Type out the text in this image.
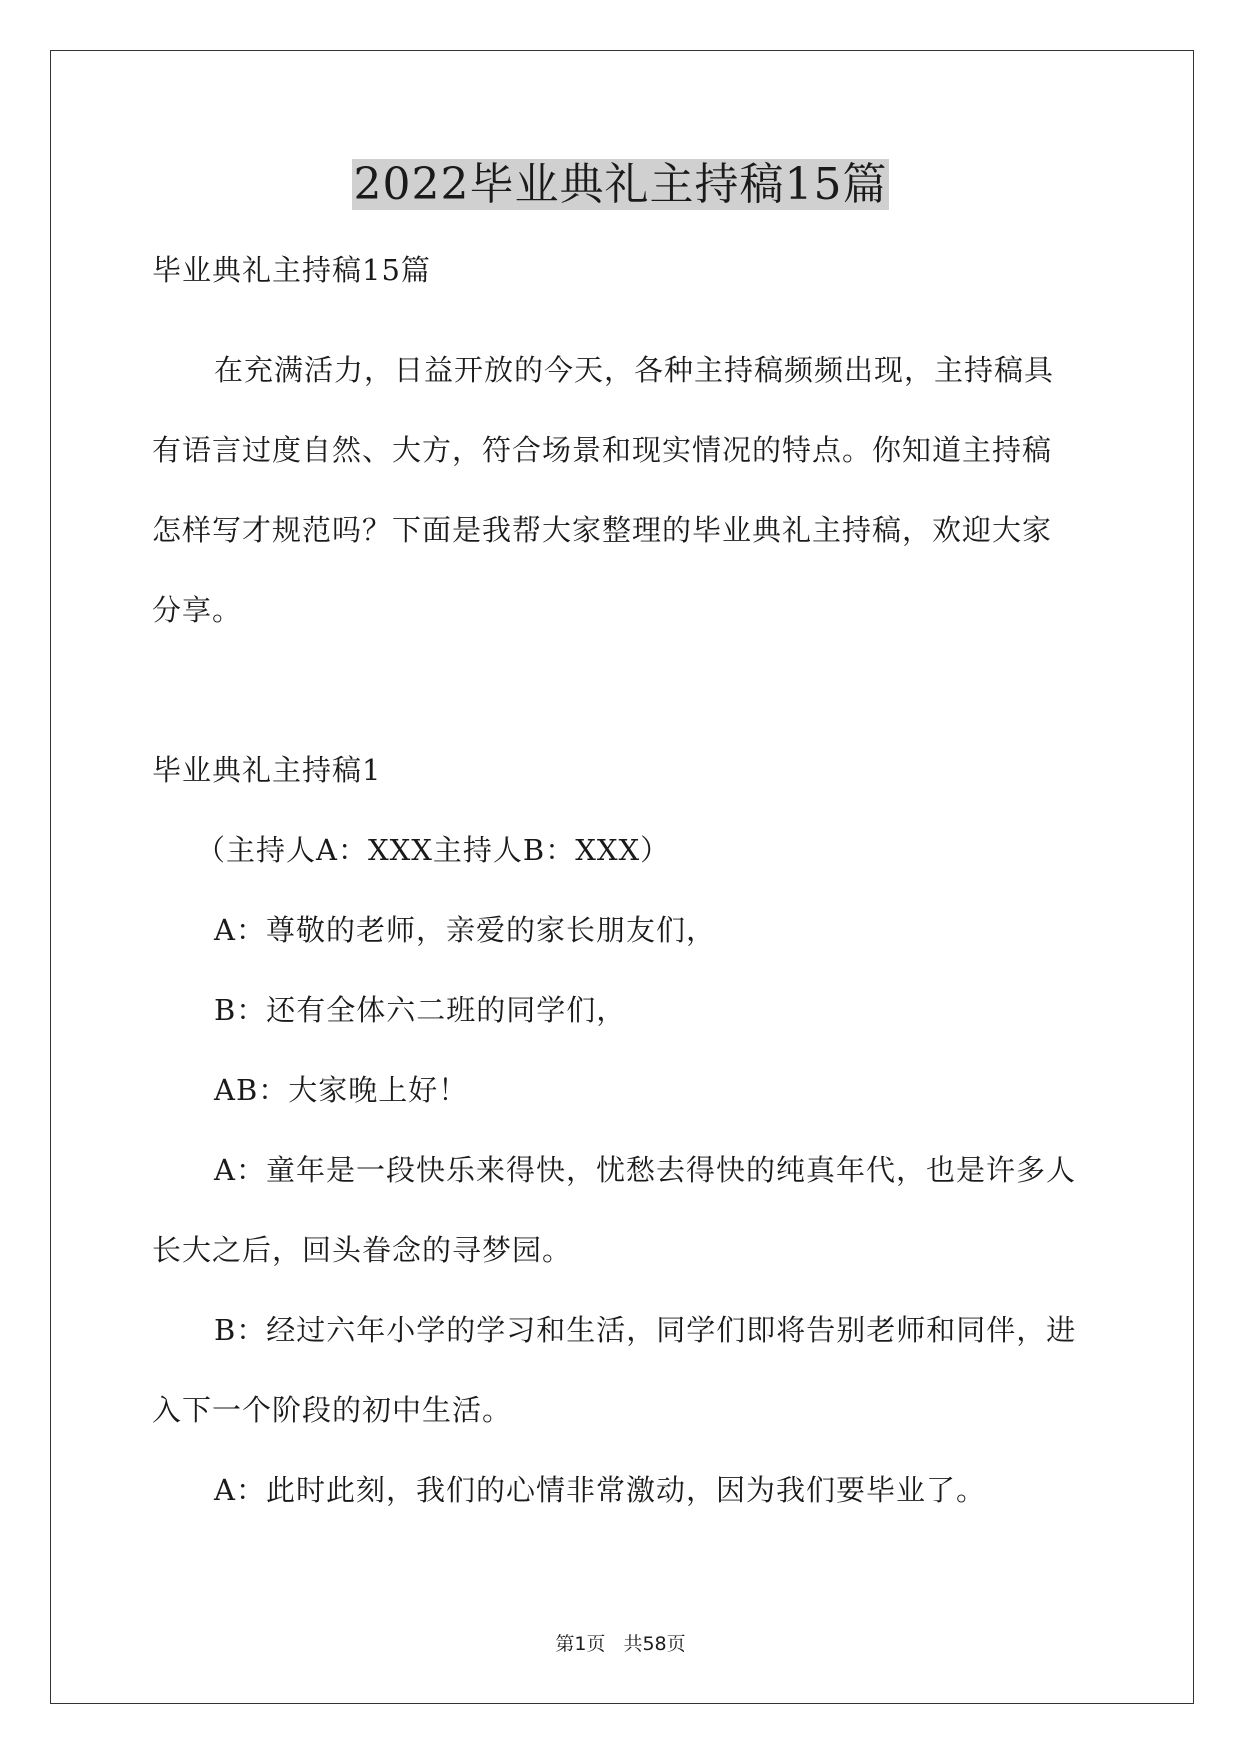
2022毕业典礼主持稿15篇

毕业典礼主持稿15篇

在充满活力，日益开放的今天，各种主持稿频频出现，主持稿具

有语言过度自然、大方，符合场景和现实情况的特点。你知道主持稿

怎样写才规范吗？下面是我帮大家整理的毕业典礼主持稿，欢迎大家

分享。

毕业典礼主持稿1

（主持人A：XXX主持人B：XXX）

A：尊敬的老师，亲爱的家长朋友们，

B：还有全体六二班的同学们，

AB：大家晚上好！

A：童年是一段快乐来得快，忧愁去得快的纯真年代，也是许多人

长大之后，回头眷念的寻梦园。

B：经过六年小学的学习和生活，同学们即将告别老师和同伴，进

入下一个阶段的初中生活。

A：此时此刻，我们的心情非常激动，因为我们要毕业了。

第1页 共58页
